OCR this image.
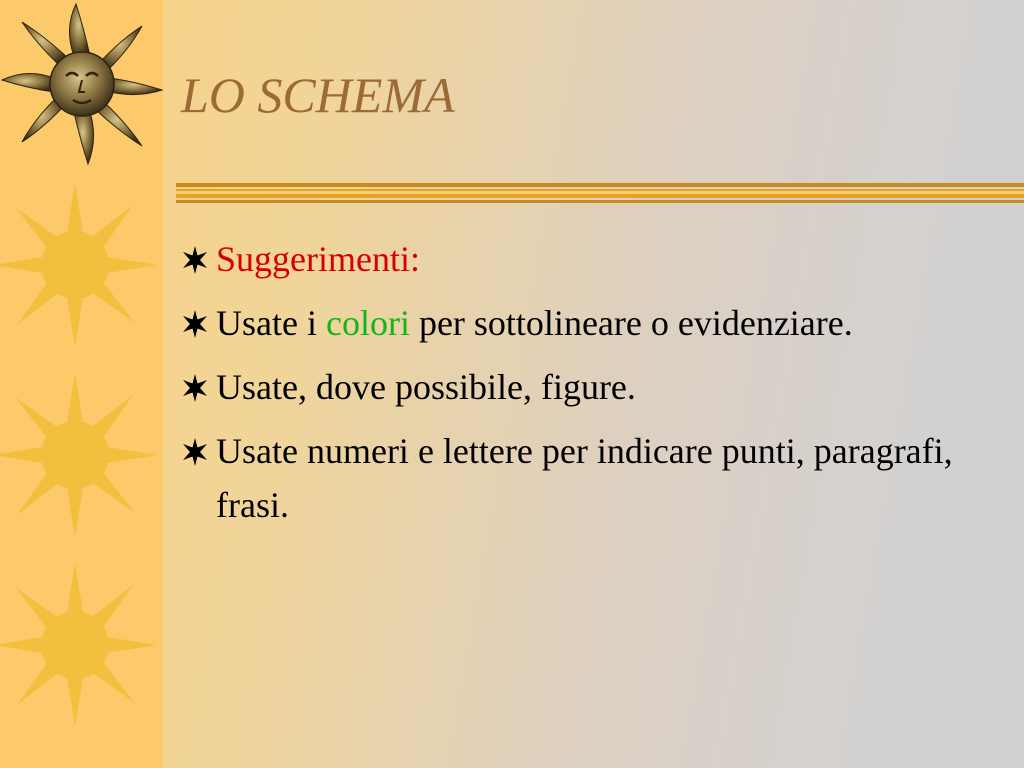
LO SCHEMA
Suggerimenti:
Usate i colori per sottolineare o evidenziare.
Usate, dove possibile, figure.
Usate numeri e lettere per indicare punti, paragrafi, frasi.
